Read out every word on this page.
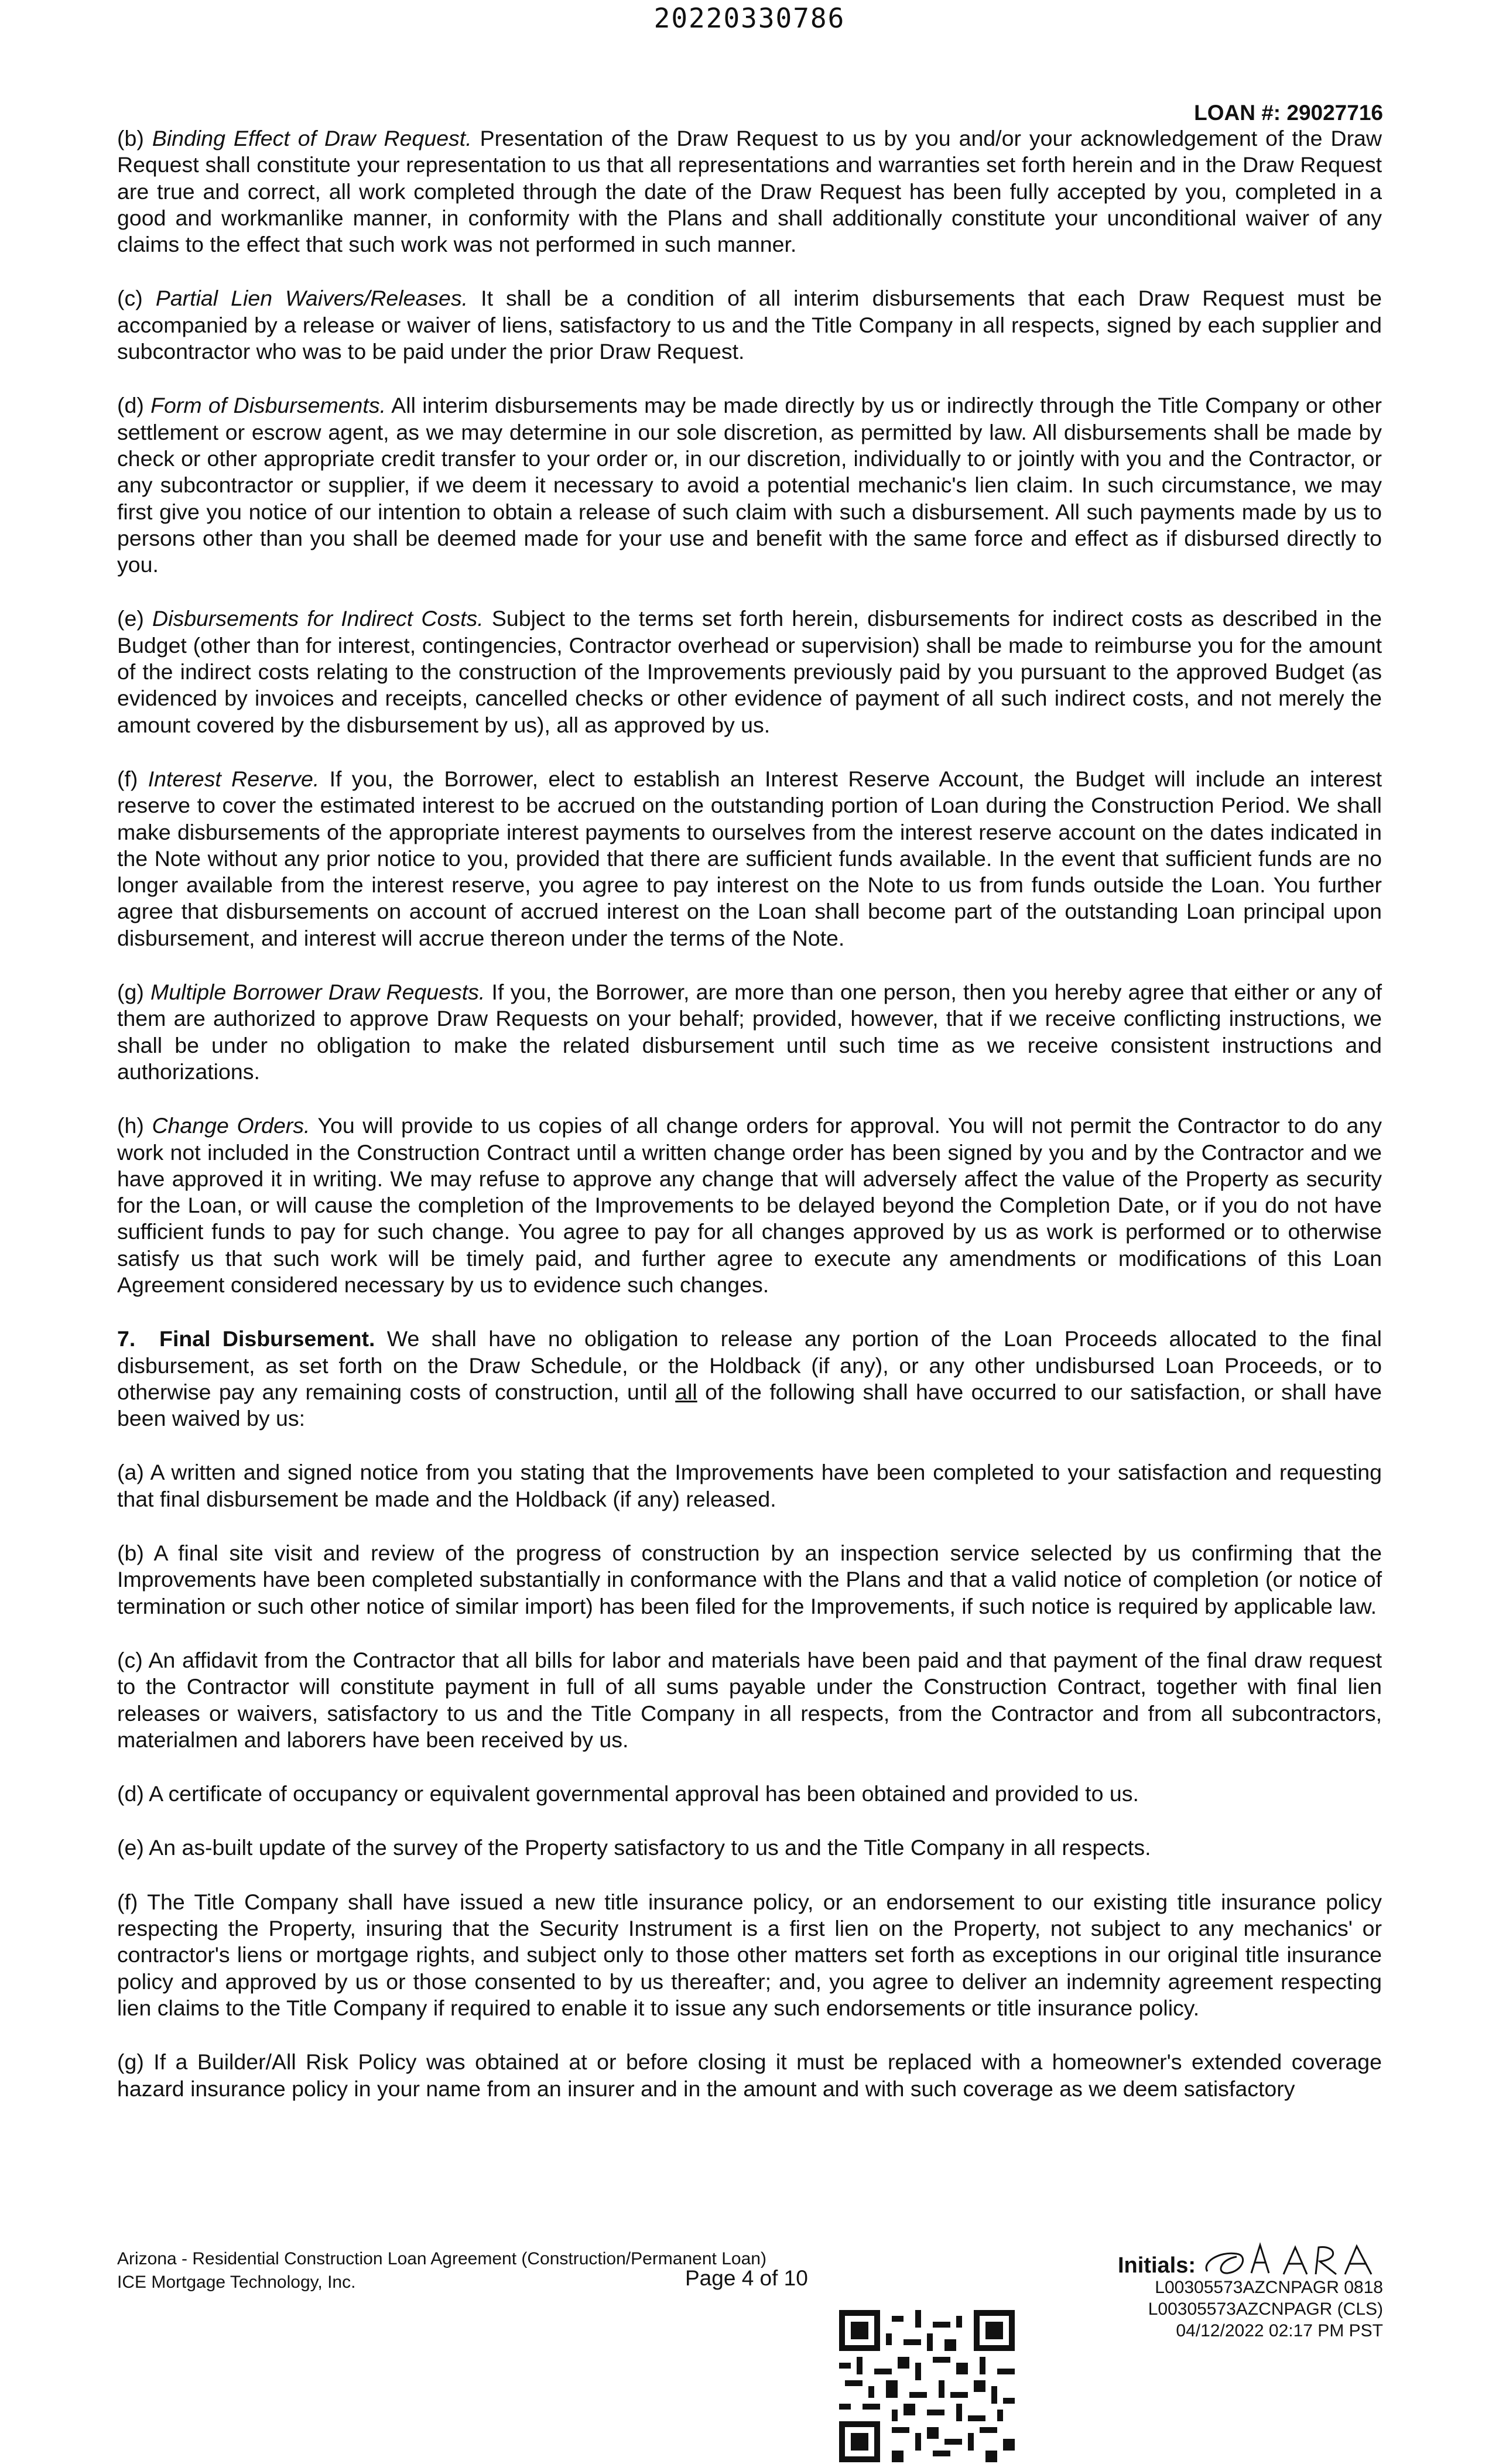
20220330786
LOAN #: 29027716

(b) Binding Effect of Draw Request. Presentation of the Draw Request to us by you and/or your acknowledgement of the Draw Request shall constitute your representation to us that all representations and warranties set forth herein and in the Draw Request are true and correct, all work completed through the date of the Draw Request has been fully accepted by you, completed in a good and workmanlike manner, in conformity with the Plans and shall additionally constitute your unconditional waiver of any claims to the effect that such work was not performed in such manner.

(c) Partial Lien Waivers/Releases. It shall be a condition of all interim disbursements that each Draw Request must be accompanied by a release or waiver of liens, satisfactory to us and the Title Company in all respects, signed by each supplier and subcontractor who was to be paid under the prior Draw Request.

(d) Form of Disbursements. All interim disbursements may be made directly by us or indirectly through the Title Company or other settlement or escrow agent, as we may determine in our sole discretion, as permitted by law. All disbursements shall be made by check or other appropriate credit transfer to your order or, in our discretion, individually to or jointly with you and the Contractor, or any subcontractor or supplier, if we deem it necessary to avoid a potential mechanic's lien claim. In such circumstance, we may first give you notice of our intention to obtain a release of such claim with such a disbursement. All such payments made by us to persons other than you shall be deemed made for your use and benefit with the same force and effect as if disbursed directly to you.

(e) Disbursements for Indirect Costs. Subject to the terms set forth herein, disbursements for indirect costs as described in the Budget (other than for interest, contingencies, Contractor overhead or supervision) shall be made to reimburse you for the amount of the indirect costs relating to the construction of the Improvements previously paid by you pursuant to the approved Budget (as evidenced by invoices and receipts, cancelled checks or other evidence of payment of all such indirect costs, and not merely the amount covered by the disbursement by us), all as approved by us.

(f) Interest Reserve. If you, the Borrower, elect to establish an Interest Reserve Account, the Budget will include an interest reserve to cover the estimated interest to be accrued on the outstanding portion of Loan during the Construction Period. We shall make disbursements of the appropriate interest payments to ourselves from the interest reserve account on the dates indicated in the Note without any prior notice to you, provided that there are sufficient funds available. In the event that sufficient funds are no longer available from the interest reserve, you agree to pay interest on the Note to us from funds outside the Loan. You further agree that disbursements on account of accrued interest on the Loan shall become part of the outstanding Loan principal upon disbursement, and interest will accrue thereon under the terms of the Note.

(g) Multiple Borrower Draw Requests. If you, the Borrower, are more than one person, then you hereby agree that either or any of them are authorized to approve Draw Requests on your behalf; provided, however, that if we receive conflicting instructions, we shall be under no obligation to make the related disbursement until such time as we receive consistent instructions and authorizations.

(h) Change Orders. You will provide to us copies of all change orders for approval. You will not permit the Contractor to do any work not included in the Construction Contract until a written change order has been signed by you and by the Contractor and we have approved it in writing. We may refuse to approve any change that will adversely affect the value of the Property as security for the Loan, or will cause the completion of the Improvements to be delayed beyond the Completion Date, or if you do not have sufficient funds to pay for such change. You agree to pay for all changes approved by us as work is performed or to otherwise satisfy us that such work will be timely paid, and further agree to execute any amendments or modifications of this Loan Agreement considered necessary by us to evidence such changes.

7. Final Disbursement. We shall have no obligation to release any portion of the Loan Proceeds allocated to the final disbursement, as set forth on the Draw Schedule, or the Holdback (if any), or any other undisbursed Loan Proceeds, or to otherwise pay any remaining costs of construction, until all of the following shall have occurred to our satisfaction, or shall have been waived by us:

(a) A written and signed notice from you stating that the Improvements have been completed to your satisfaction and requesting that final disbursement be made and the Holdback (if any) released.

(b) A final site visit and review of the progress of construction by an inspection service selected by us confirming that the Improvements have been completed substantially in conformance with the Plans and that a valid notice of completion (or notice of termination or such other notice of similar import) has been filed for the Improvements, if such notice is required by applicable law.

(c) An affidavit from the Contractor that all bills for labor and materials have been paid and that payment of the final draw request to the Contractor will constitute payment in full of all sums payable under the Construction Contract, together with final lien releases or waivers, satisfactory to us and the Title Company in all respects, from the Contractor and from all subcontractors, materialmen and laborers have been received by us.

(d) A certificate of occupancy or equivalent governmental approval has been obtained and provided to us.

(e) An as-built update of the survey of the Property satisfactory to us and the Title Company in all respects.

(f) The Title Company shall have issued a new title insurance policy, or an endorsement to our existing title insurance policy respecting the Property, insuring that the Security Instrument is a first lien on the Property, not subject to any mechanics' or contractor's liens or mortgage rights, and subject only to those other matters set forth as exceptions in our original title insurance policy and approved by us or those consented to by us thereafter; and, you agree to deliver an indemnity agreement respecting lien claims to the Title Company if required to enable it to issue any such endorsements or title insurance policy.

(g) If a Builder/All Risk Policy was obtained at or before closing it must be replaced with a homeowner's extended coverage hazard insurance policy in your name from an insurer and in the amount and with such coverage as we deem satisfactory

Arizona - Residential Construction Loan Agreement (Construction/Permanent Loan)
ICE Mortgage Technology, Inc.	Page 4 of 10
Initials:
L00305573AZCNPAGR 0818
L00305573AZCNPAGR (CLS)
04/12/2022 02:17 PM PST
